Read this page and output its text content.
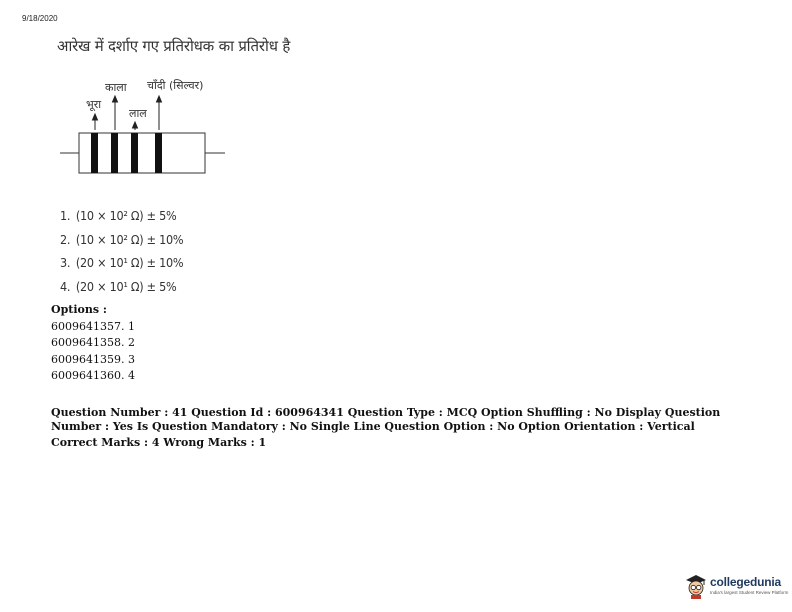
9/18/2020
आरेख में दर्शाए गए प्रतिरोधक का प्रतिरोध है
काला चाँदी (सिल्वर)
भूरा
लाल
1. (10 × 10² Ω) ± 5%
2. (10 × 10² Ω) ± 10%
3. (20 × 10¹ Ω) ± 10%
4. (20 × 10¹ Ω) ± 5%
Options :
6009641357. 1
6009641358. 2
6009641359. 3
6009641360. 4
Question Number : 41 Question Id : 600964341 Question Type : MCQ Option Shuffling : No Display Question Number : Yes Is Question Mandatory : No Single Line Question Option : No Option Orientation : Vertical
Correct Marks : 4 Wrong Marks : 1
collegedunia
India's largest Student Review Platform
